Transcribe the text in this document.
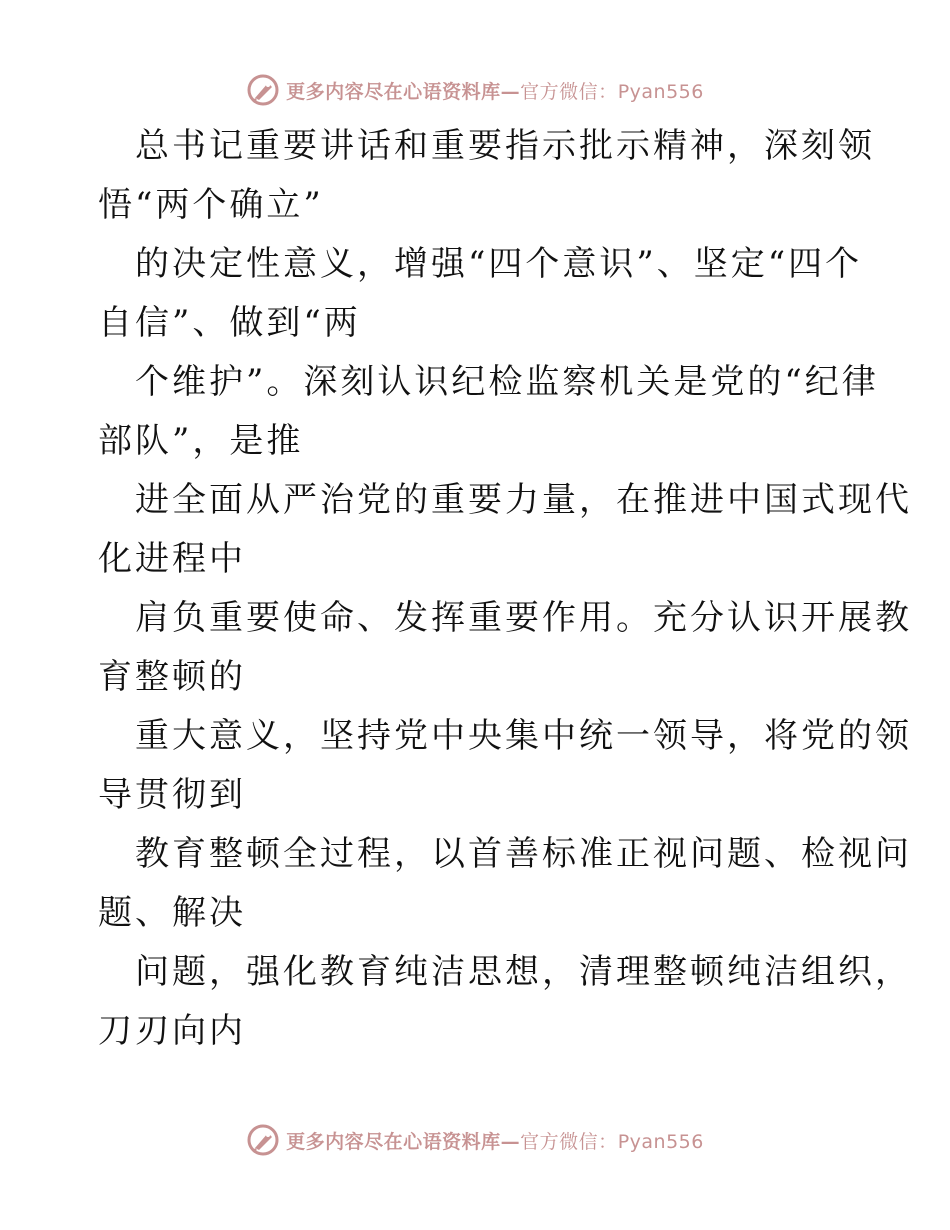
更多内容尽在心语资料库—官方微信：Pyan556
总书记重要讲话和重要指示批示精神，深刻领
悟“两个确立”
的决定性意义，增强“四个意识”、坚定“四个
自信”、做到“两
个维护”。深刻认识纪检监察机关是党的“纪律
部队”，是推
进全面从严治党的重要力量，在推进中国式现代
化进程中
肩负重要使命、发挥重要作用。充分认识开展教
育整顿的
重大意义，坚持党中央集中统一领导，将党的领
导贯彻到
教育整顿全过程，以首善标准正视问题、检视问
题、解决
问题，强化教育纯洁思想，清理整顿纯洁组织，
刀刃向内
更多内容尽在心语资料库—官方微信：Pyan556
